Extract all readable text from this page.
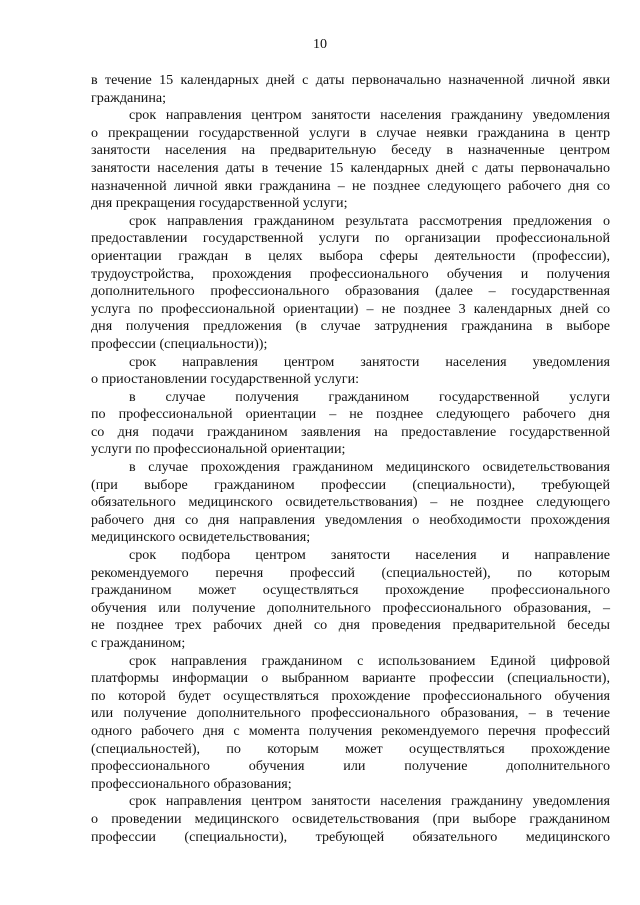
10
в течение 15 календарных дней с даты первоначально назначенной личной явки
гражданина;
срок направления центром занятости населения гражданину уведомления
о прекращении государственной услуги в случае неявки гражданина в центр
занятости населения на предварительную беседу в назначенные центром
занятости населения даты в течение 15 календарных дней с даты первоначально
назначенной личной явки гражданина – не позднее следующего рабочего дня со
дня прекращения государственной услуги;
срок направления гражданином результата рассмотрения предложения о
предоставлении государственной услуги по организации профессиональной
ориентации граждан в целях выбора сферы деятельности (профессии),
трудоустройства, прохождения профессионального обучения и получения
дополнительного профессионального образования (далее – государственная
услуга по профессиональной ориентации) – не позднее 3 календарных дней со
дня получения предложения (в случае затруднения гражданина в выборе
профессии (специальности));
срок направления центром занятости населения уведомления
о приостановлении государственной услуги:
в случае получения гражданином государственной услуги
по профессиональной ориентации – не позднее следующего рабочего дня
со дня подачи гражданином заявления на предоставление государственной
услуги по профессиональной ориентации;
в случае прохождения гражданином медицинского освидетельствования
(при выборе гражданином профессии (специальности), требующей
обязательного медицинского освидетельствования) – не позднее следующего
рабочего дня со дня направления уведомления о необходимости прохождения
медицинского освидетельствования;
срок подбора центром занятости населения и направление
рекомендуемого перечня профессий (специальностей), по которым
гражданином может осуществляться прохождение профессионального
обучения или получение дополнительного профессионального образования, –
не позднее трех рабочих дней со дня проведения предварительной беседы
с гражданином;
срок направления гражданином с использованием Единой цифровой
платформы информации о выбранном варианте профессии (специальности),
по которой будет осуществляться прохождение профессионального обучения
или получение дополнительного профессионального образования, – в течение
одного рабочего дня с момента получения рекомендуемого перечня профессий
(специальностей), по которым может осуществляться прохождение
профессионального обучения или получение дополнительного
профессионального образования;
срок направления центром занятости населения гражданину уведомления
о проведении медицинского освидетельствования (при выборе гражданином
профессии (специальности), требующей обязательного медицинского
